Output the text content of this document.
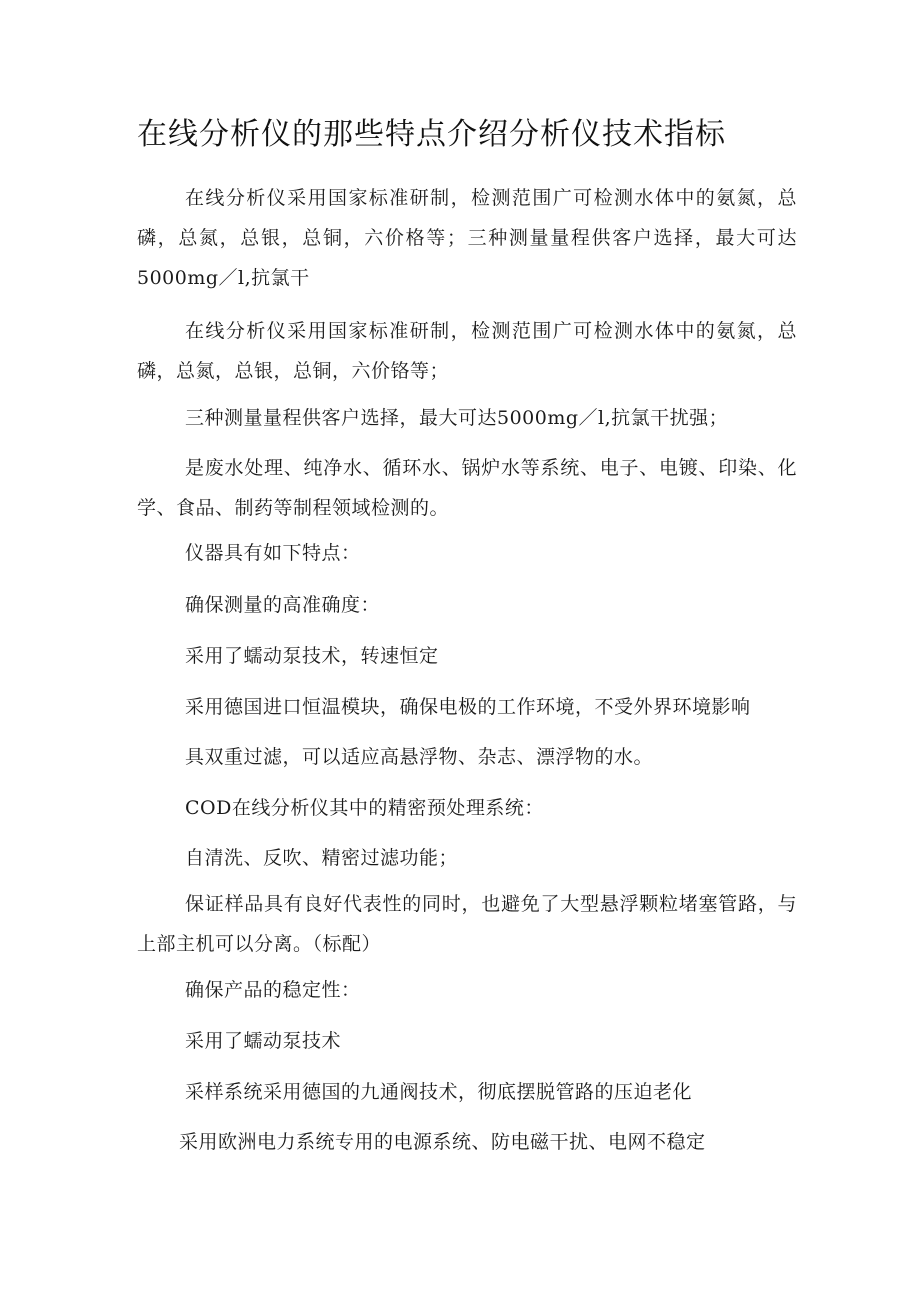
在线分析仪的那些特点介绍分析仪技术指标

在线分析仪采用国家标准研制，检测范围广可检测水体中的氨氮，总磷，总氮，总银，总铜，六价格等；三种测量量程供客户选择，最大可达5000mg／l,抗氯干

在线分析仪采用国家标准研制，检测范围广可检测水体中的氨氮，总磷，总氮，总银，总铜，六价铬等；

三种测量量程供客户选择，最大可达5000mg／l,抗氯干扰强；

是废水处理、纯净水、循环水、锅炉水等系统、电子、电镀、印染、化学、食品、制药等制程领域检测的。

仪器具有如下特点：

确保测量的高准确度：

采用了蠕动泵技术，转速恒定

采用德国进口恒温模块，确保电极的工作环境，不受外界环境影响

具双重过滤，可以适应高悬浮物、杂志、漂浮物的水。

COD在线分析仪其中的精密预处理系统：

自清洗、反吹、精密过滤功能；

保证样品具有良好代表性的同时，也避免了大型悬浮颗粒堵塞管路，与上部主机可以分离。（标配）

确保产品的稳定性：

采用了蠕动泵技术

采样系统采用德国的九通阀技术，彻底摆脱管路的压迫老化

采用欧洲电力系统专用的电源系统、防电磁干扰、电网不稳定
